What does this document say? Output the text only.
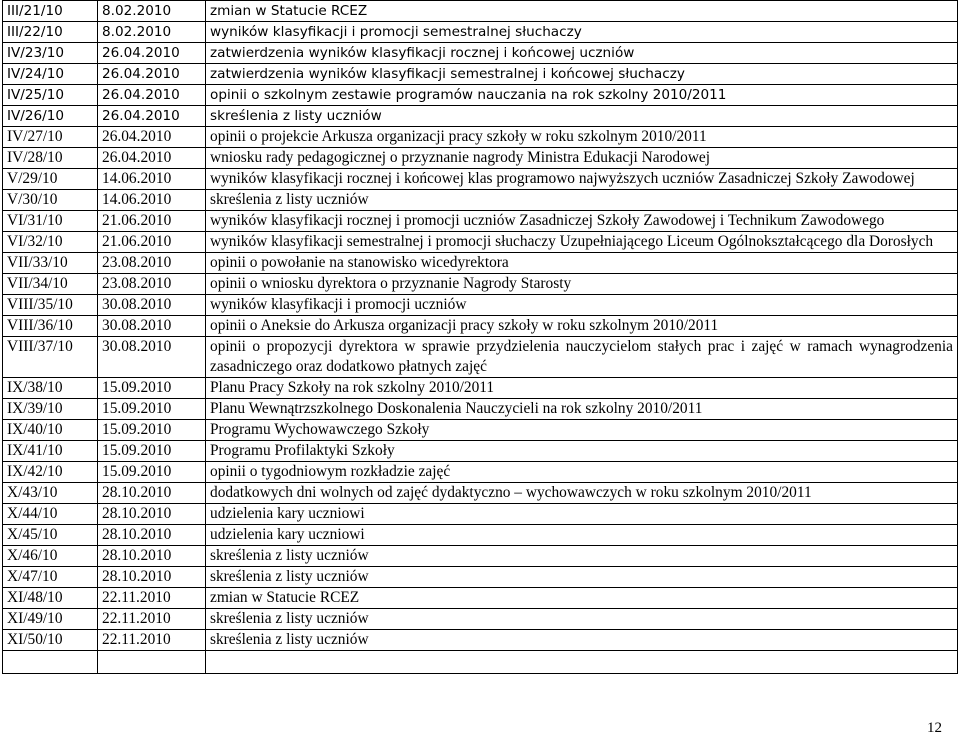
III/21/10	8.02.2010	zmian w Statucie RCEZ
III/22/10	8.02.2010	wyników klasyfikacji i promocji semestralnej słuchaczy
IV/23/10	26.04.2010	zatwierdzenia wyników klasyfikacji rocznej i końcowej uczniów
IV/24/10	26.04.2010	zatwierdzenia wyników klasyfikacji semestralnej i końcowej słuchaczy
IV/25/10	26.04.2010	opinii o szkolnym zestawie programów nauczania na rok szkolny 2010/2011
IV/26/10	26.04.2010	skreślenia z listy uczniów
IV/27/10	26.04.2010	opinii o projekcie Arkusza organizacji pracy szkoły w roku szkolnym 2010/2011
IV/28/10	26.04.2010	wniosku rady pedagogicznej o przyznanie nagrody Ministra Edukacji Narodowej
V/29/10	14.06.2010	wyników klasyfikacji rocznej i końcowej klas programowo najwyższych uczniów Zasadniczej Szkoły Zawodowej
V/30/10	14.06.2010	skreślenia z listy uczniów
VI/31/10	21.06.2010	wyników klasyfikacji rocznej i promocji uczniów Zasadniczej Szkoły Zawodowej i Technikum Zawodowego
VI/32/10	21.06.2010	wyników klasyfikacji semestralnej i promocji słuchaczy Uzupełniającego Liceum Ogólnokształcącego dla Dorosłych
VII/33/10	23.08.2010	opinii o powołanie na stanowisko wicedyrektora
VII/34/10	23.08.2010	opinii o wniosku dyrektora o przyznanie Nagrody Starosty
VIII/35/10	30.08.2010	wyników klasyfikacji i promocji uczniów
VIII/36/10	30.08.2010	opinii o Aneksie do Arkusza organizacji pracy szkoły w roku szkolnym 2010/2011
VIII/37/10	30.08.2010	opinii o propozycji dyrektora w sprawie przydzielenia nauczycielom stałych prac i zajęć w ramach wynagrodzenia zasadniczego oraz dodatkowo płatnych zajęć
IX/38/10	15.09.2010	Planu Pracy Szkoły na rok szkolny 2010/2011
IX/39/10	15.09.2010	Planu Wewnątrzszkolnego Doskonalenia Nauczycieli na rok szkolny 2010/2011
IX/40/10	15.09.2010	Programu Wychowawczego Szkoły
IX/41/10	15.09.2010	Programu Profilaktyki Szkoły
IX/42/10	15.09.2010	opinii o tygodniowym rozkładzie zajęć
X/43/10	28.10.2010	dodatkowych dni wolnych od zajęć dydaktyczno – wychowawczych w roku szkolnym 2010/2011
X/44/10	28.10.2010	udzielenia kary uczniowi
X/45/10	28.10.2010	udzielenia kary uczniowi
X/46/10	28.10.2010	skreślenia z listy uczniów
X/47/10	28.10.2010	skreślenia z listy uczniów
XI/48/10	22.11.2010	zmian w Statucie RCEZ
XI/49/10	22.11.2010	skreślenia z listy uczniów
XI/50/10	22.11.2010	skreślenia z listy uczniów

12
